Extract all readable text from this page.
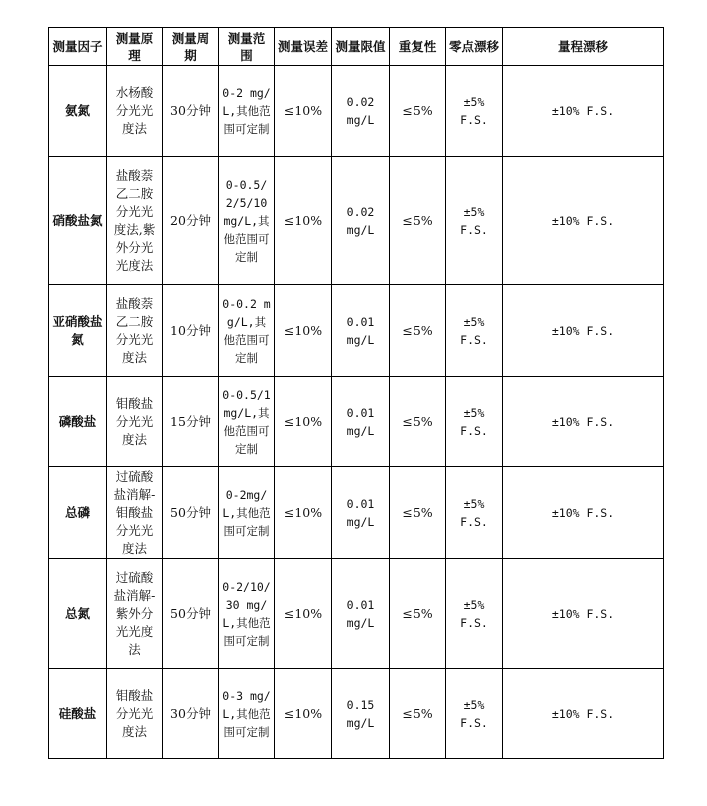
测量因子	测量原理	测量周期	测量范围	测量误差	测量限值	重复性	零点漂移	量程漂移
氨氮	水杨酸分光光度法	30分钟	0-2 mg/L,其他范围可定制	≤10%	0.02 mg/L	≤5%	±5% F.S.	±10% F.S.
硝酸盐氮	盐酸萘乙二胺分光光度法,紫外分光光度法	20分钟	0-0.5/2/5/10 mg/L,其他范围可定制	≤10%	0.02 mg/L	≤5%	±5% F.S.	±10% F.S.
亚硝酸盐氮	盐酸萘乙二胺分光光度法	10分钟	0-0.2 mg/L,其他范围可定制	≤10%	0.01 mg/L	≤5%	±5% F.S.	±10% F.S.
磷酸盐	钼酸盐分光光度法	15分钟	0-0.5/1 mg/L,其他范围可定制	≤10%	0.01 mg/L	≤5%	±5% F.S.	±10% F.S.
总磷	过硫酸盐消解-钼酸盐分光光度法	50分钟	0-2mg/L,其他范围可定制	≤10%	0.01 mg/L	≤5%	±5% F.S.	±10% F.S.
总氮	过硫酸盐消解-紫外分光光度法	50分钟	0-2/10/30 mg/L,其他范围可定制	≤10%	0.01 mg/L	≤5%	±5% F.S.	±10% F.S.
硅酸盐	钼酸盐分光光度法	30分钟	0-3 mg/L,其他范围可定制	≤10%	0.15 mg/L	≤5%	±5% F.S.	±10% F.S.
